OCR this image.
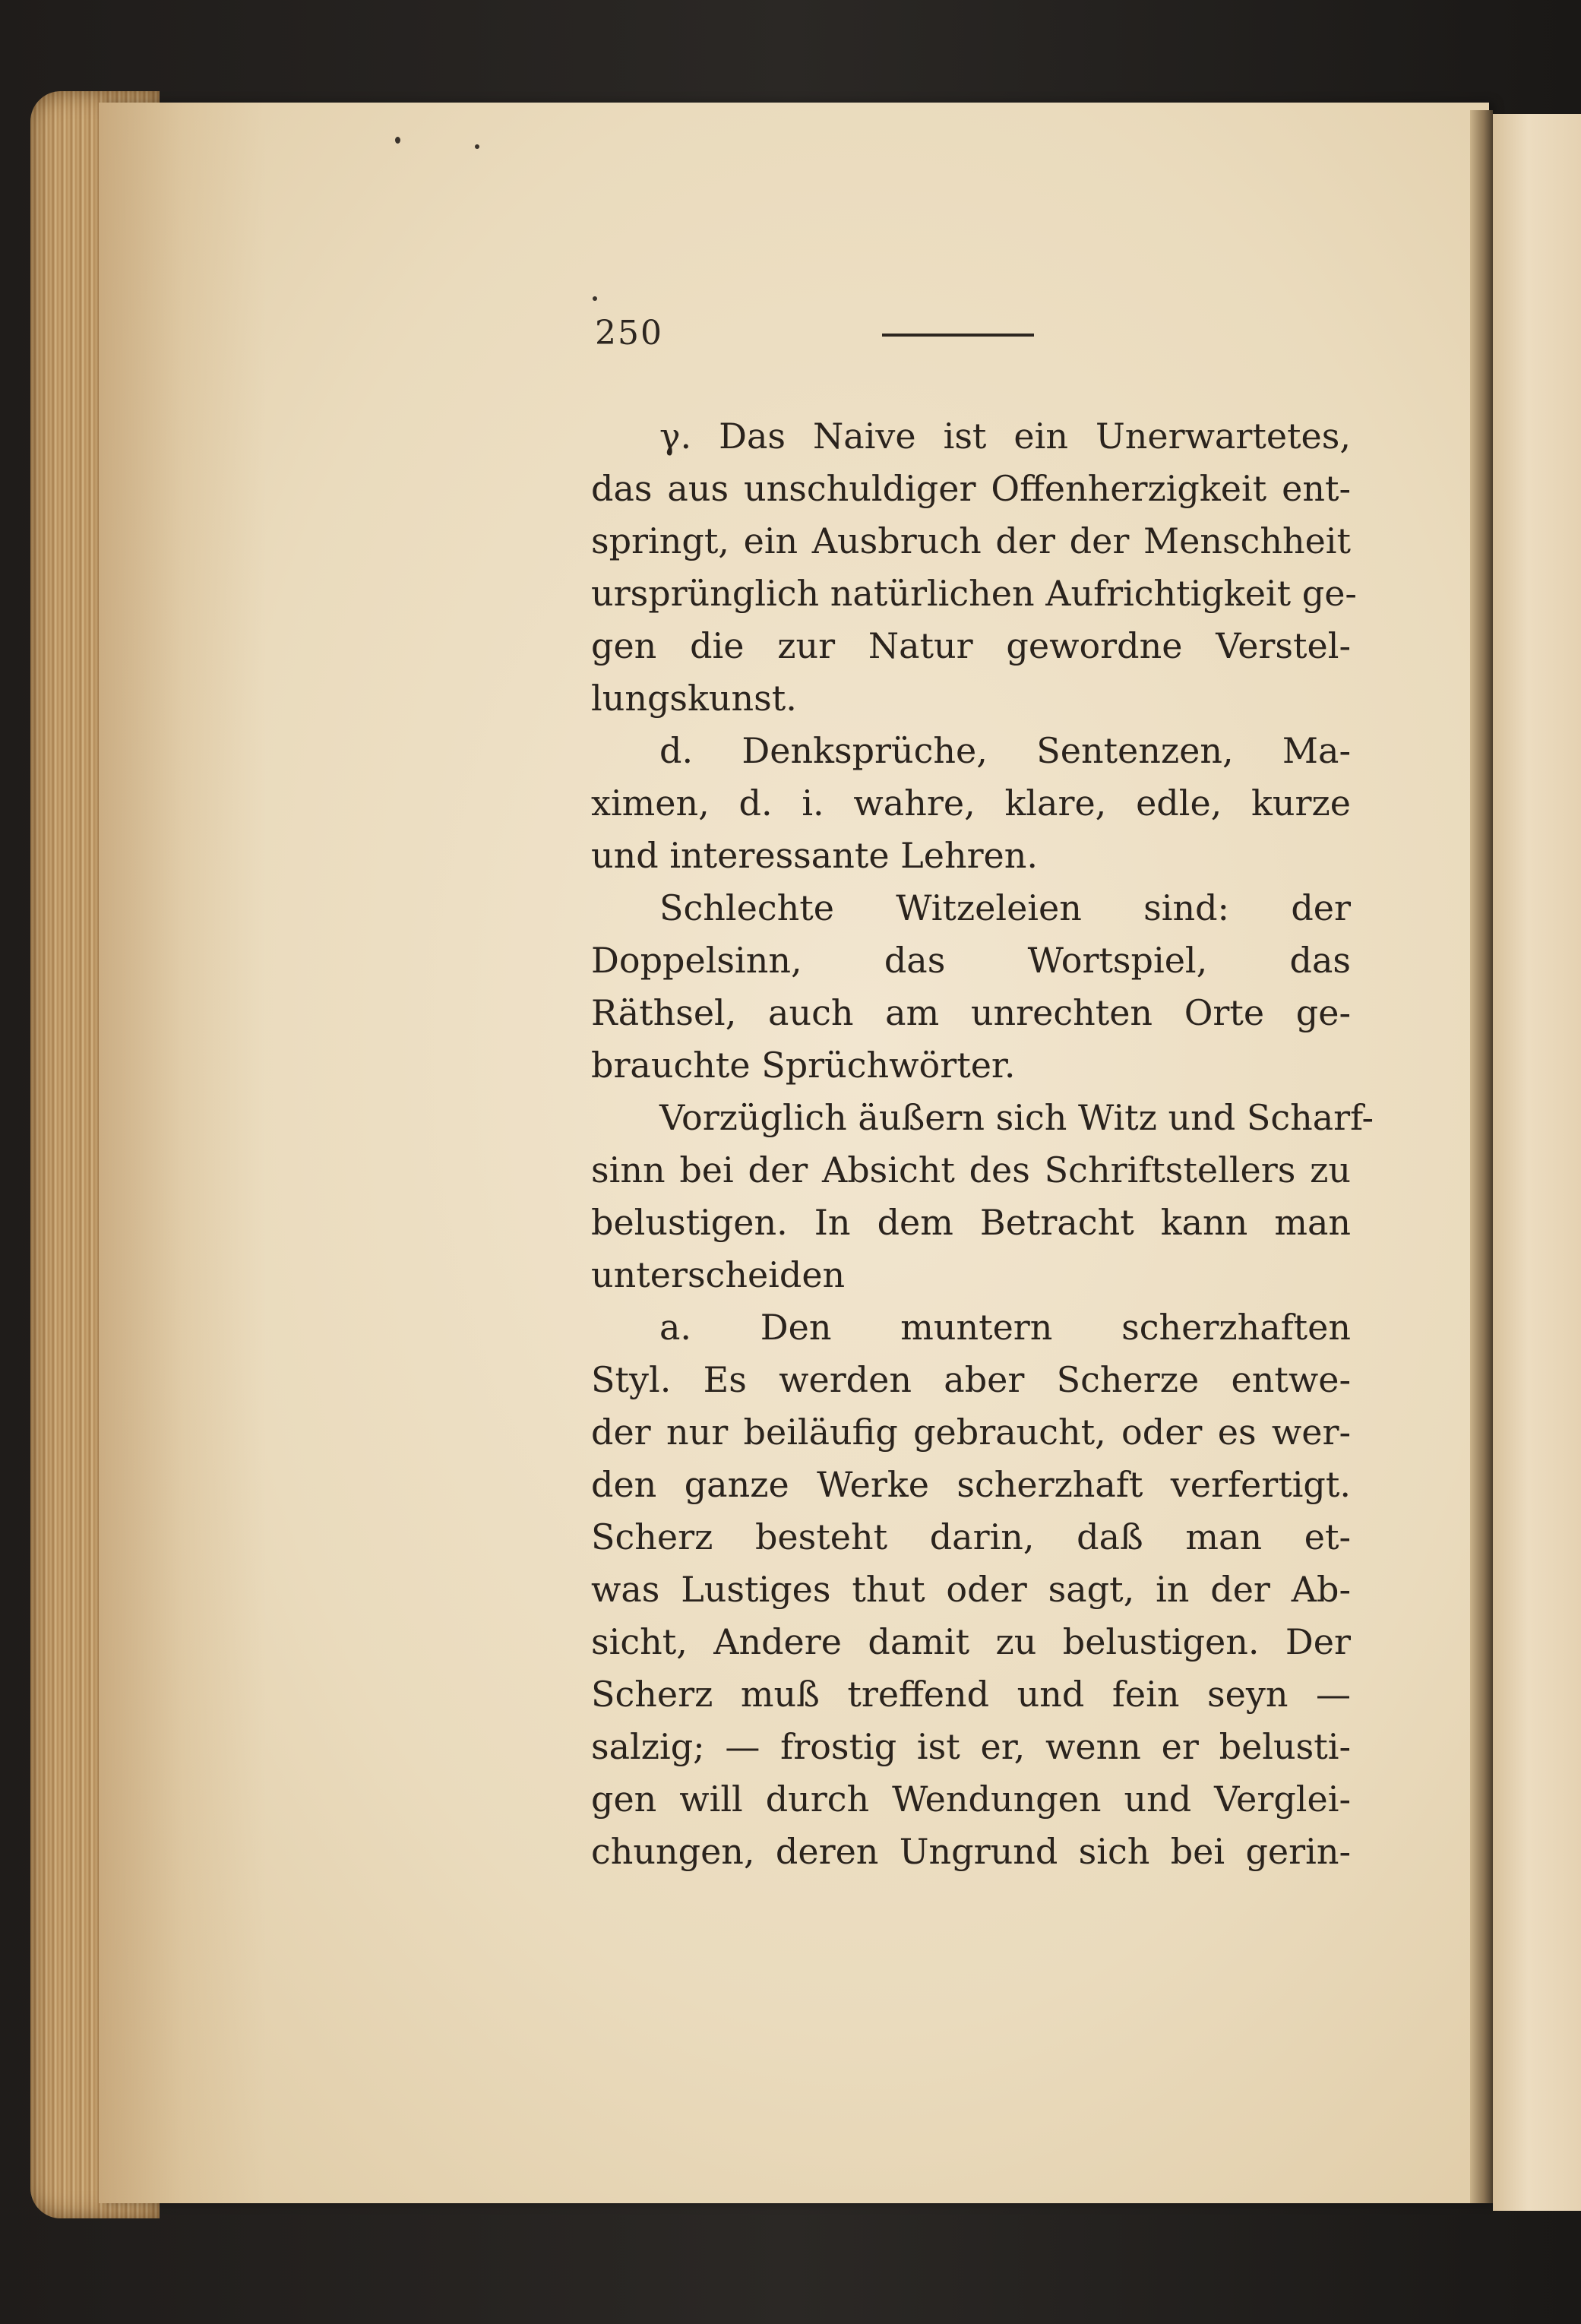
250
γ. Das Naive ist ein Unerwartetes,
das aus unschuldiger Offenherzigkeit ent-
springt, ein Ausbruch der der Menschheit
ursprünglich natürlichen Aufrichtigkeit ge-
gen die zur Natur gewordne Verstel-
lungskunst.
d. Denksprüche, Sentenzen, Ma-
ximen, d. i. wahre, klare, edle, kurze
und interessante Lehren.
Schlechte Witzeleien sind: der
Doppelsinn, das Wortspiel, das
Räthsel, auch am unrechten Orte ge-
brauchte Sprüchwörter.
Vorzüglich äußern sich Witz und Scharf-
sinn bei der Absicht des Schriftstellers zu
belustigen. In dem Betracht kann man
unterscheiden
a. Den muntern scherzhaften
Styl. Es werden aber Scherze entwe-
der nur beiläufig gebraucht, oder es wer-
den ganze Werke scherzhaft verfertigt.
Scherz besteht darin, daß man et-
was Lustiges thut oder sagt, in der Ab-
sicht, Andere damit zu belustigen. Der
Scherz muß treffend und fein seyn —
salzig; — frostig ist er, wenn er belusti-
gen will durch Wendungen und Verglei-
chungen, deren Ungrund sich bei gerin-
